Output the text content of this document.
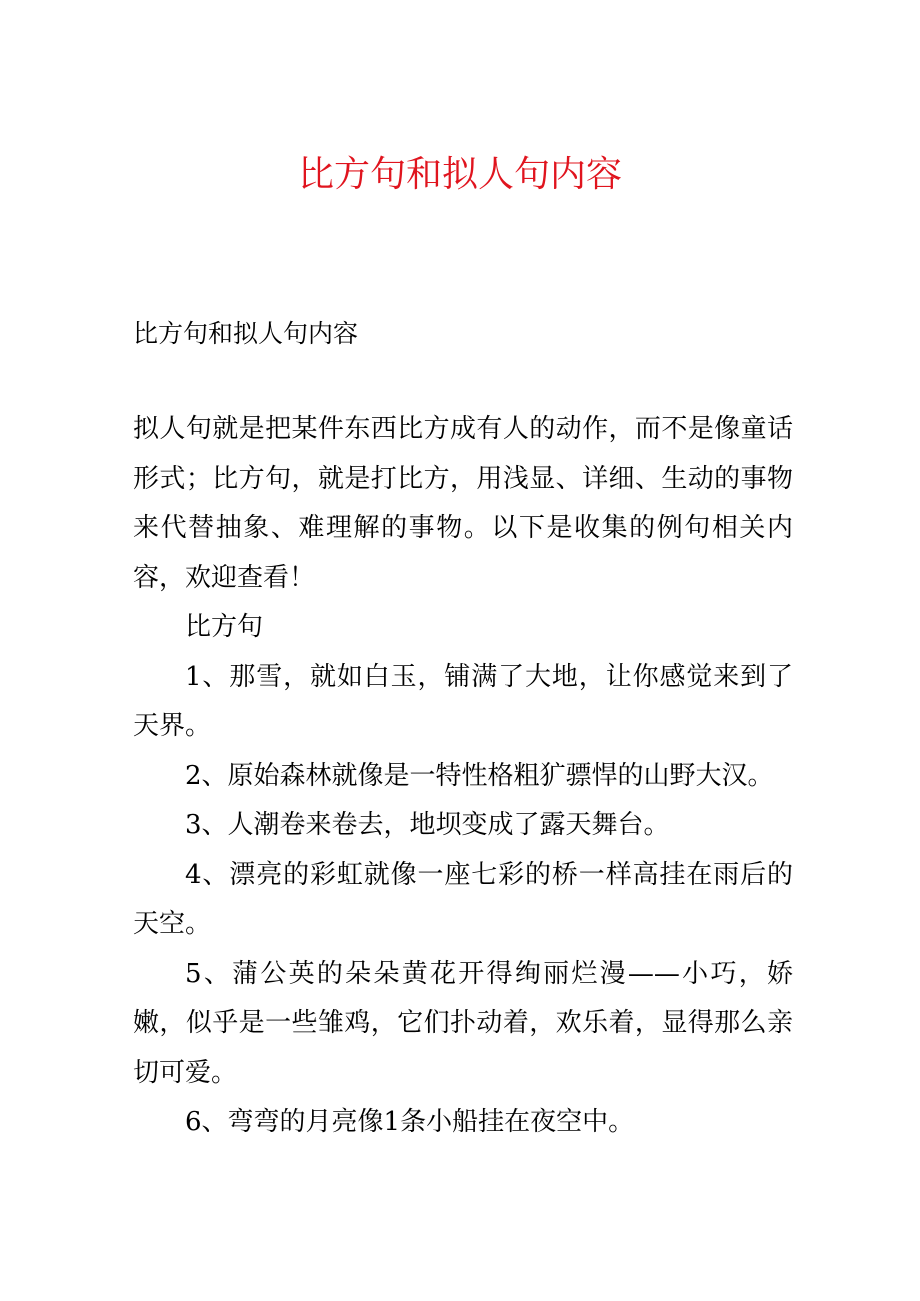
比方句和拟人句内容

比方句和拟人句内容

拟人句就是把某件东西比方成有人的动作，而不是像童话形式；比方句，就是打比方，用浅显、详细、生动的事物来代替抽象、难理解的事物。以下是收集的例句相关内容，欢迎查看！

比方句

1、那雪，就如白玉，铺满了大地，让你感觉来到了天界。

2、原始森林就像是一特性格粗犷骠悍的山野大汉。

3、人潮卷来卷去，地坝变成了露天舞台。

4、漂亮的彩虹就像一座七彩的桥一样高挂在雨后的天空。

5、蒲公英的朵朵黄花开得绚丽烂漫——小巧，娇嫩，似乎是一些雏鸡，它们扑动着，欢乐着，显得那么亲切可爱。

6、弯弯的月亮像1条小船挂在夜空中。
